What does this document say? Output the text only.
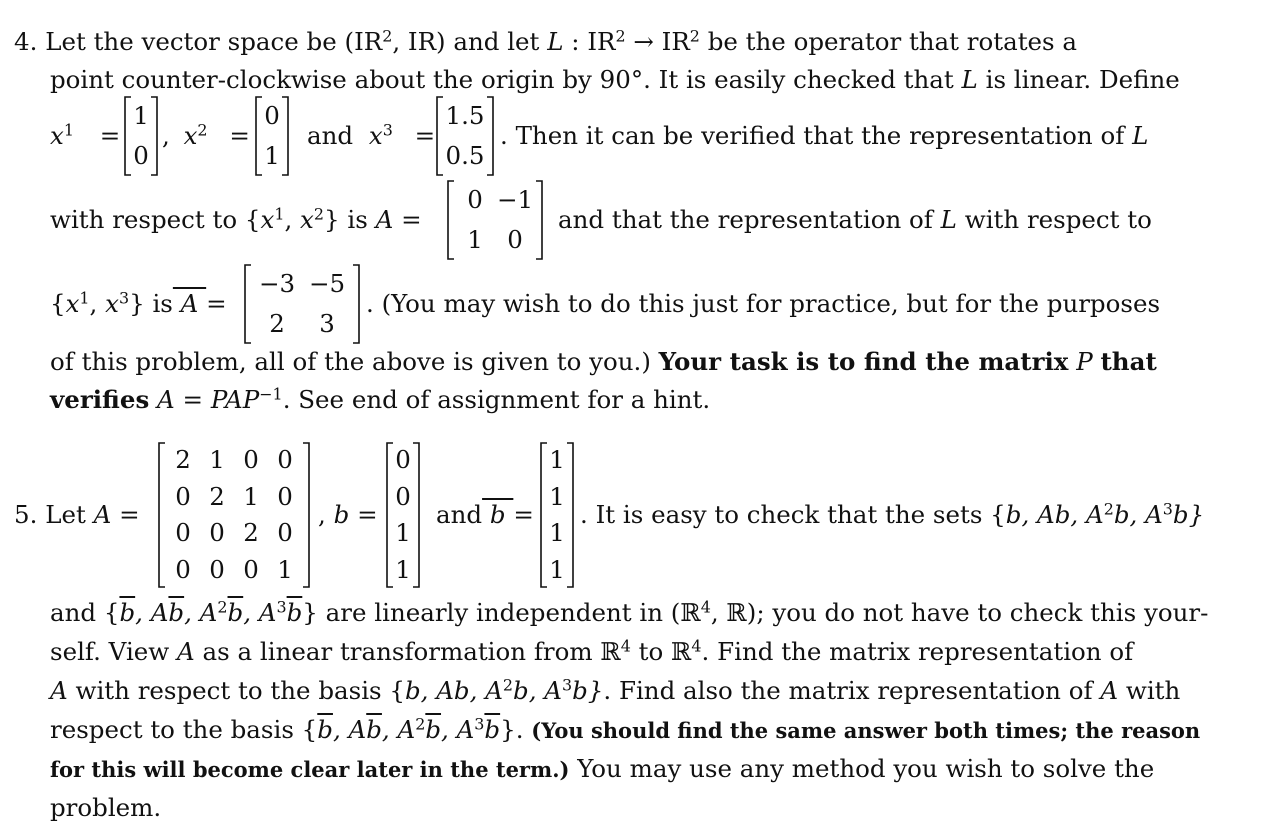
4. Let the vector space be ($IR^2$, IR) and let L : $IR^2 \to IR^2$ be the operator that rotates a
point counter-clockwise about the origin by 90°. It is easily checked that L is linear. Define
$x^1$ =
1
0
, $x^2$ =
0
1
and $x^3$ =
1.5
0.5
. Then it can be verified that the representation of L
with respect to {$x^1$, $x^2$} is A =
0 −1
1 0
and that the representation of L with respect to
{$x^1$, $x^3$} is A =
−3 −5
2	3
. (You may wish to do this just for practice, but for the purposes
of this problem, all of the above is given to you.) Your task is to find the matrix P that
verifies $A = PAP^{-1}$. See end of assignment for a hint.
5. Let A =
2 1 0 0
0 2 1 0
0 0 2 0
0 0 0 1
, b =
0
0
1
1
and b =
1
1
1
1
. It is easy to check that the sets {b, Ab, $A^2b$, $A^3b$}
and {$\overline{b}$, $A\overline{b}$, $A^2\overline{b}$, $A^3\overline{b}$} are linearly independent in (ℝ$^4$, ℝ); you do not have to check this your-
self. View A as a linear transformation from ℝ$^4$ to ℝ$^4$. Find the matrix representation of
A with respect to the basis {b, Ab, $A^2b$, $A^3b$}. Find also the matrix representation of A with
respect to the basis {$\overline{b}$, $A\overline{b}$, $A^2\overline{b}$, $A^3\overline{b}$}. (You should find the same answer both times; the reason
for this will become clear later in the term.) You may use any method you wish to solve the
problem.
